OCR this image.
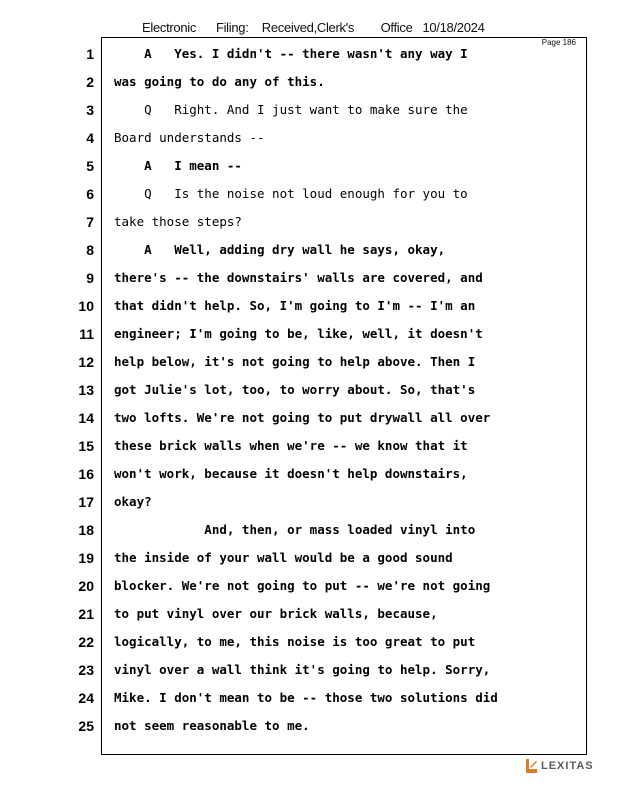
Electronic      Filing:    Received,Clerk's        Office   10/18/2024
Page 186
1
2
3
4
5
6
7
8
9
10
11
12
13
14
15
16
17
18
19
20
21
22
23
24
25
A   Yes. I didn't -- there wasn't any way I
was going to do any of this.
Q   Right. And I just want to make sure the
Board understands --
A   I mean --
Q   Is the noise not loud enough for you to
take those steps?
A   Well, adding dry wall he says, okay,
there's -- the downstairs' walls are covered, and
that didn't help. So, I'm going to I'm -- I'm an
engineer; I'm going to be, like, well, it doesn't
help below, it's not going to help above. Then I
got Julie's lot, too, to worry about. So, that's
two lofts. We're not going to put drywall all over
these brick walls when we're -- we know that it
won't work, because it doesn't help downstairs,
okay?
And, then, or mass loaded vinyl into
the inside of your wall would be a good sound
blocker. We're not going to put -- we're not going
to put vinyl over our brick walls, because,
logically, to me, this noise is too great to put
vinyl over a wall think it's going to help. Sorry,
Mike. I don't mean to be -- those two solutions did
not seem reasonable to me.
LEXITAS
